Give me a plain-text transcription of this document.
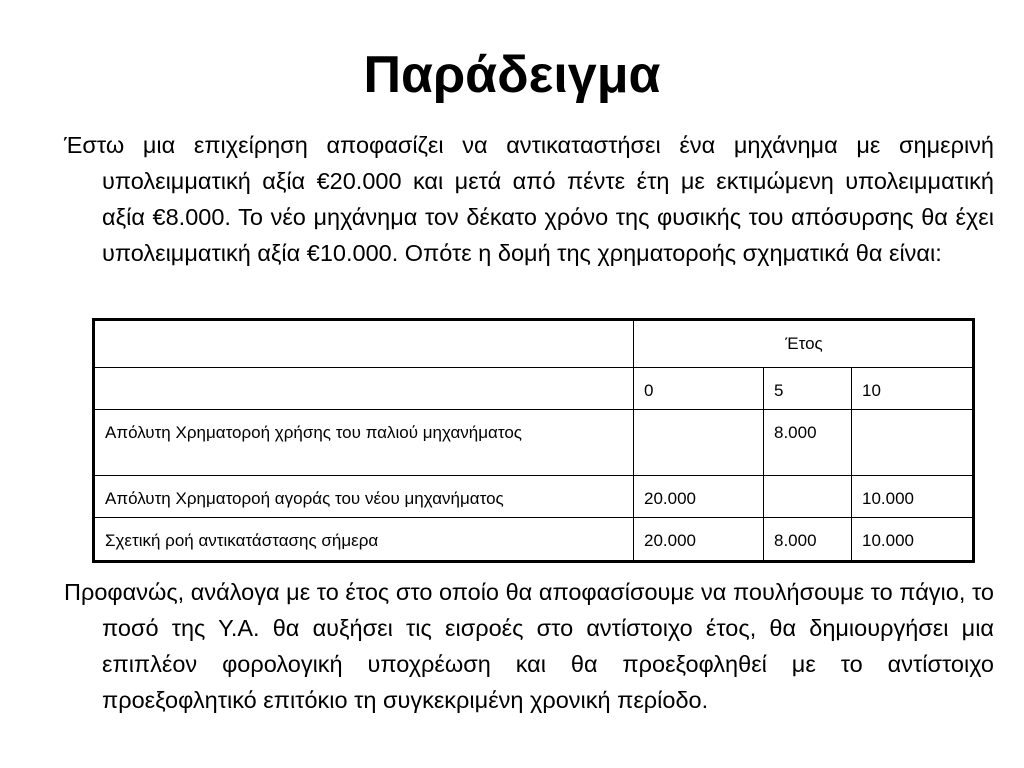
Παράδειγμα
Έστω μια επιχείρηση αποφασίζει να αντικαταστήσει ένα μηχάνημα με σημερινή υπολειμματική αξία €20.000 και μετά από πέντε έτη με εκτιμώμενη υπολειμματική αξία €8.000. Το νέο μηχάνημα τον δέκατο χρόνο της φυσικής του απόσυρσης θα έχει υπολειμματική αξία €10.000. Οπότε η δομή της χρηματοροής σχηματικά θα είναι:
	Έτος		
	0	5	10
Απόλυτη Χρηματοροή χρήσης του παλιού μηχανήματος		8.000	
Απόλυτη Χρηματοροή αγοράς του νέου μηχανήματος	20.000		10.000
Σχετική ροή αντικατάστασης σήμερα	20.000	8.000	10.000
Προφανώς, ανάλογα με το έτος στο οποίο θα αποφασίσουμε να πουλήσουμε το πάγιο, το ποσό της Υ.Α. θα αυξήσει τις εισροές στο αντίστοιχο έτος, θα δημιουργήσει μια επιπλέον φορολογική υποχρέωση και θα προεξοφληθεί με το αντίστοιχο προεξοφλητικό επιτόκιο τη συγκεκριμένη χρονική περίοδο.
